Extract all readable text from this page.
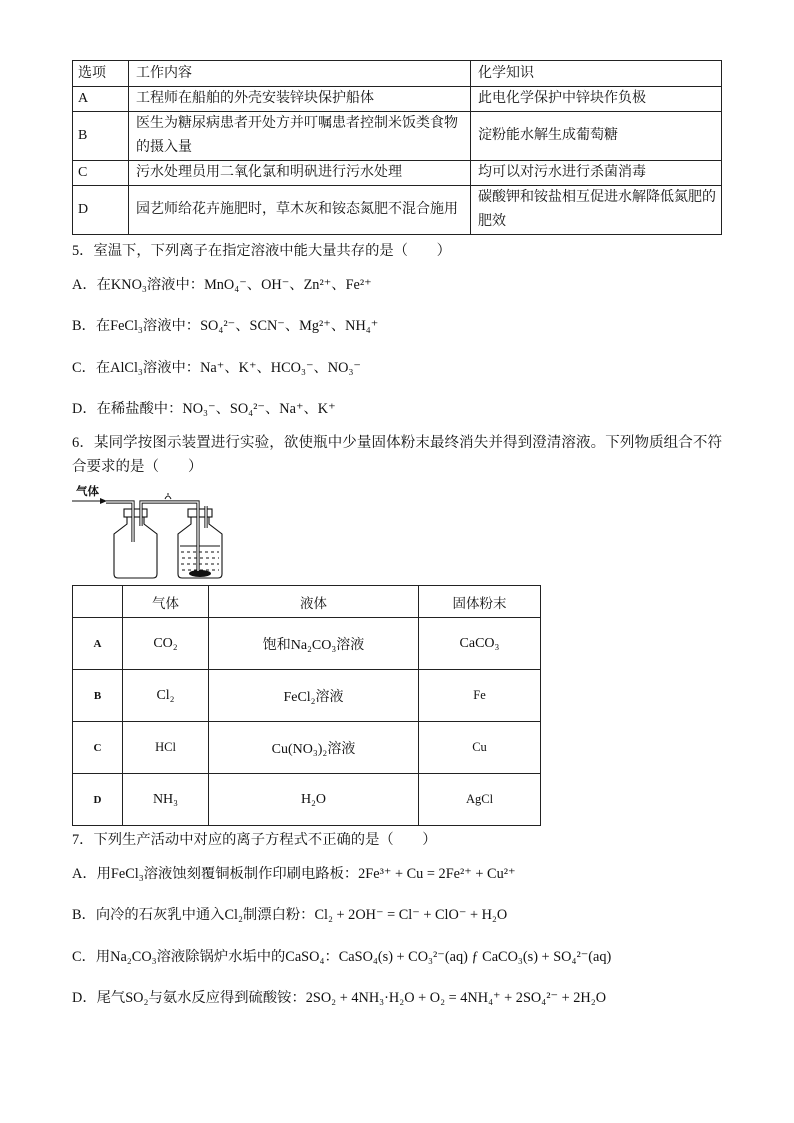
选项	工作内容	化学知识
A	工程师在船舶的外壳安装锌块保护船体	此电化学保护中锌块作负极
B	医生为糖尿病患者开处方并叮嘱患者控制米饭类食物的摄入量	淀粉能水解生成葡萄糖
C	污水处理员用二氧化氯和明矾进行污水处理	均可以对污水进行杀菌消毒
D	园艺师给花卉施肥时，草木灰和铵态氮肥不混合施用	碳酸钾和铵盐相互促进水解降低氮肥的肥效
5．室温下，下列离子在指定溶液中能大量共存的是（　　）
A．在KNO₃溶液中：MnO₄⁻、OH⁻、Zn²⁺、Fe²⁺
B．在FeCl₃溶液中：SO₄²⁻、SCN⁻、Mg²⁺、NH₄⁺
C．在AlCl₃溶液中：Na⁺、K⁺、HCO₃⁻、NO₃⁻
D．在稀盐酸中：NO₃⁻、SO₄²⁻、Na⁺、K⁺
6．某同学按图示装置进行实验，欲使瓶中少量固体粉末最终消失并得到澄清溶液。下列物质组合不符合要求的是（　　）
气体
	气体	液体	固体粉末
A	CO₂	饱和Na₂CO₃溶液	CaCO₃
B	Cl₂	FeCl₂溶液	Fe
C	HCl	Cu(NO₃)₂溶液	Cu
D	NH₃	H₂O	AgCl
7．下列生产活动中对应的离子方程式不正确的是（　　）
A．用FeCl₃溶液蚀刻覆铜板制作印刷电路板：2Fe³⁺ + Cu = 2Fe²⁺ + Cu²⁺
B．向冷的石灰乳中通入Cl₂制漂白粉：Cl₂ + 2OH⁻ = Cl⁻ + ClO⁻ + H₂O
C．用Na₂CO₃溶液除锅炉水垢中的CaSO₄：CaSO₄(s) + CO₃²⁻(aq) ƒ CaCO₃(s) + SO₄²⁻(aq)
D．尾气SO₂与氨水反应得到硫酸铵：2SO₂ + 4NH₃·H₂O + O₂ = 4NH₄⁺ + 2SO₄²⁻ + 2H₂O
